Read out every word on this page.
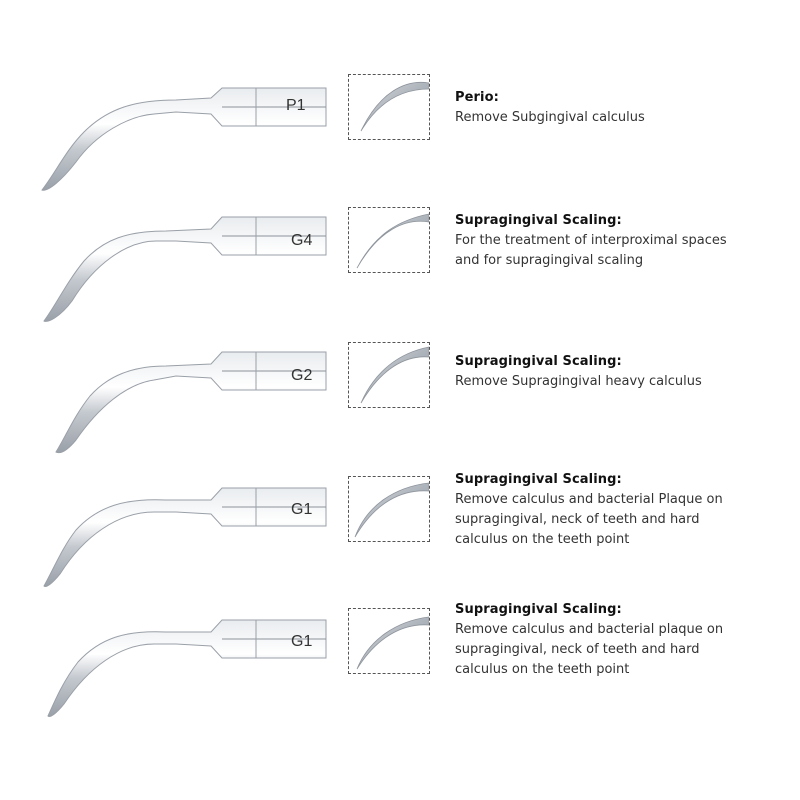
P1	Perio:
Remove Subgingival calculus
G4
Supragingival Scaling:
For the treatment of interproximal spaces
and for supragingival scaling
G2
Supragingival Scaling:
Remove Supragingival heavy calculus
G1
Supragingival Scaling:
Remove calculus and bacterial Plaque on
supragingival, neck of teeth and hard
calculus on the teeth point
G1
Supragingival Scaling:
Remove calculus and bacterial plaque on
supragingival, neck of teeth and hard
calculus on the teeth point
